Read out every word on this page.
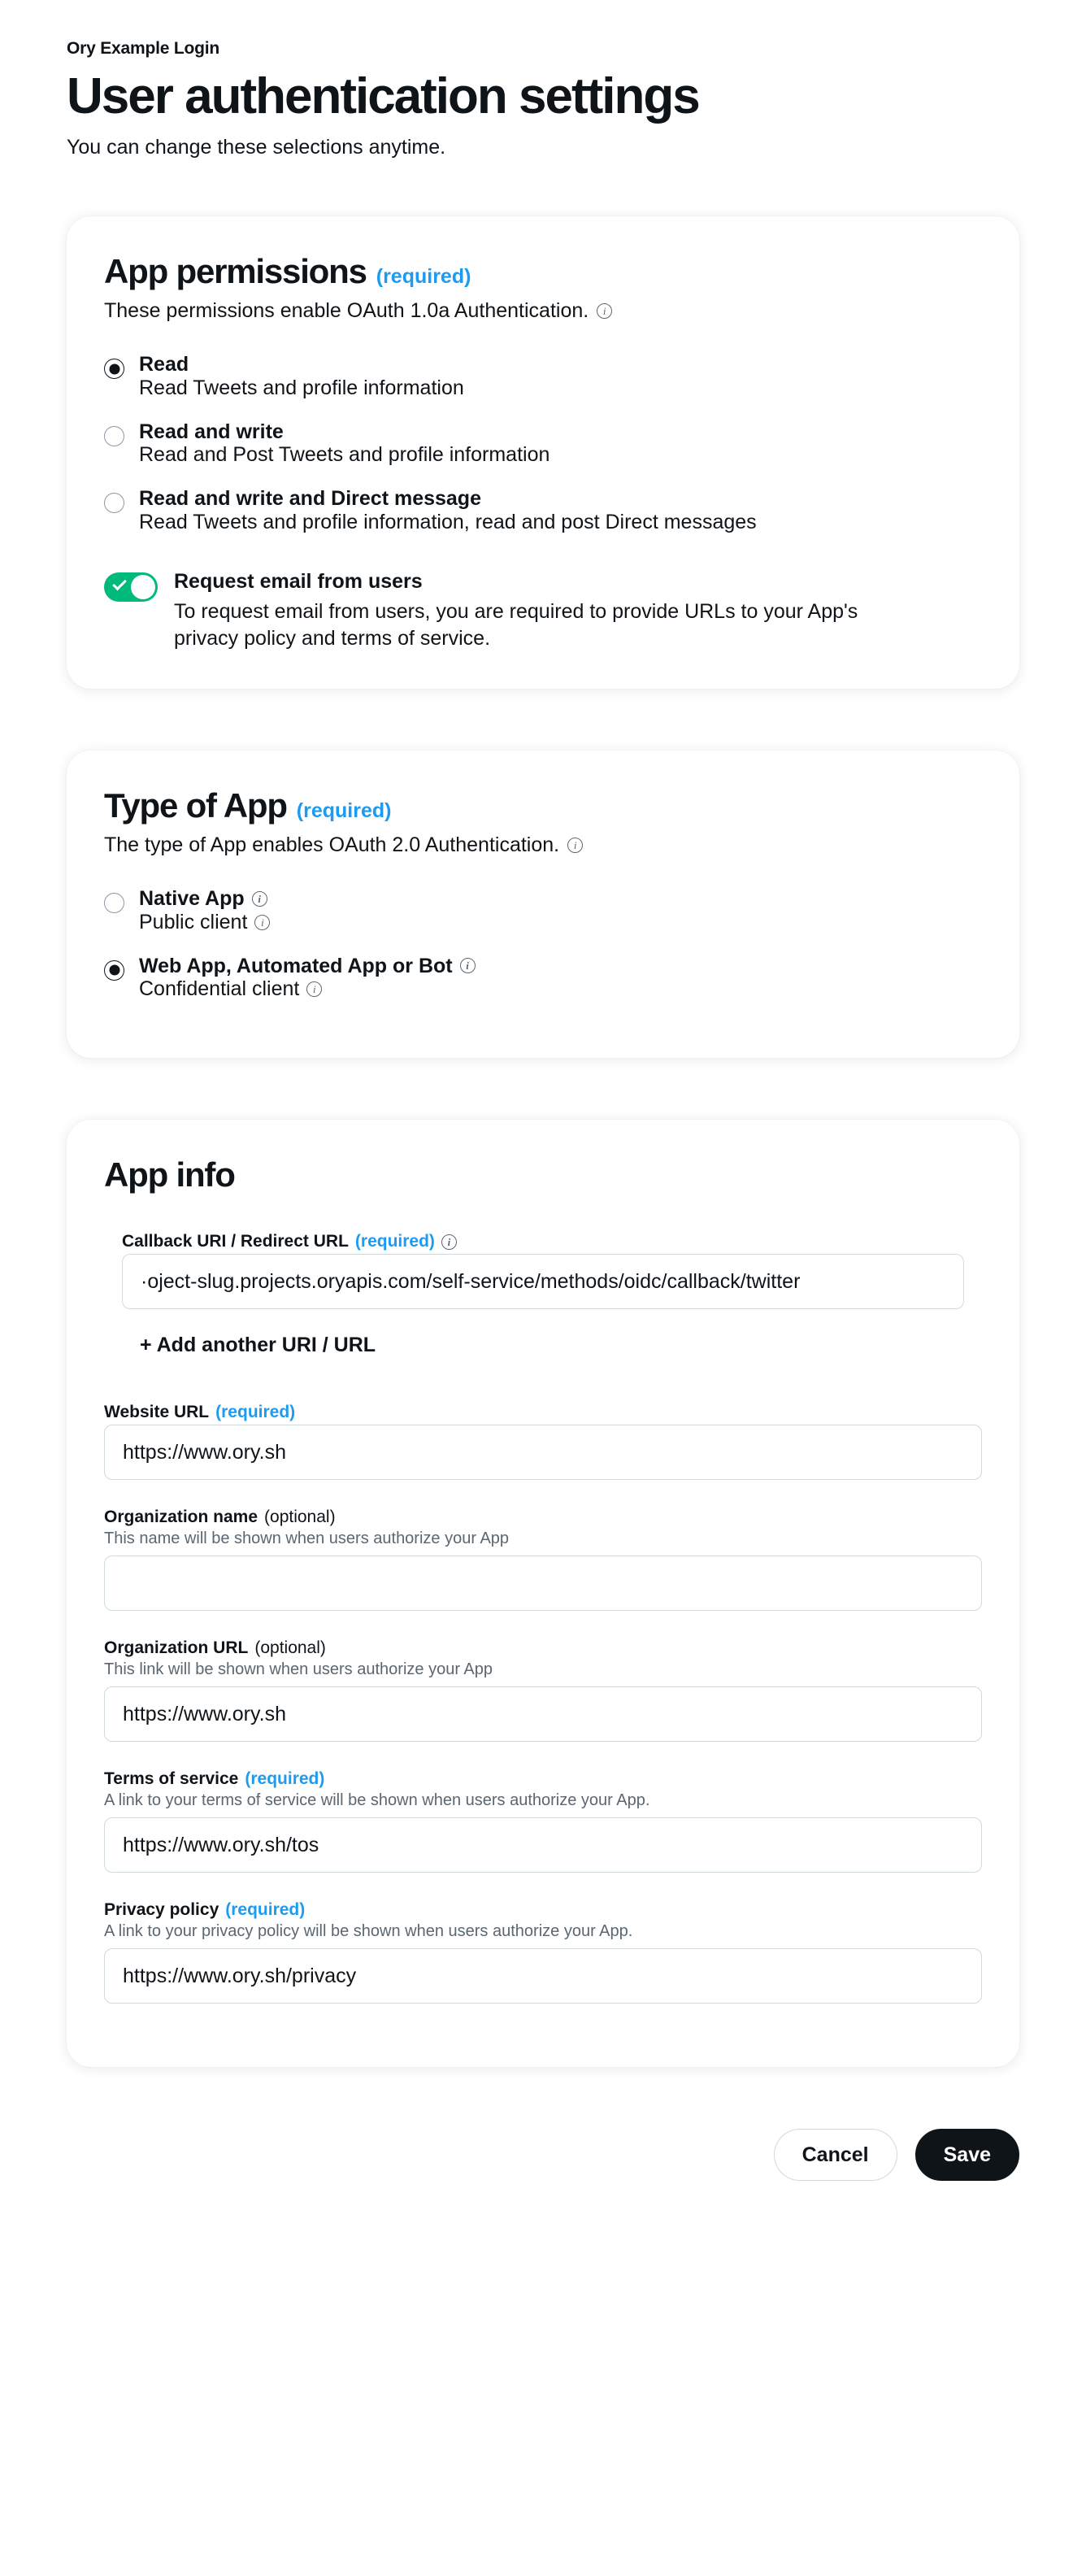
Ory Example Login
User authentication settings
You can change these selections anytime.
App permissions (required)
These permissions enable OAuth 1.0a Authentication.	i
Read
Read Tweets and profile information
Read and write
Read and Post Tweets and profile information
Read and write and Direct message
Read Tweets and profile information, read and post Direct messages
Request email from users
To request email from users, you are required to provide URLs to your App's privacy policy and terms of service.
Type of App (required)
The type of App enables OAuth 2.0 Authentication.	i
Native App	i
Public client	i
Web App, Automated App or Bot	i
Confidential client	i
App info
Callback URI / Redirect URL (required)	i
·oject-slug.projects.oryapis.com/self-service/methods/oidc/callback/twitter + Add another URI / URL
Website URL (required)
https://www.ory.sh
Organization name (optional)
This name will be shown when users authorize your App
Organization URL (optional)
This link will be shown when users authorize your App
https://www.ory.sh
Terms of service (required)
A link to your terms of service will be shown when users authorize your App.
https://www.ory.sh/tos
Privacy policy (required)
A link to your privacy policy will be shown when users authorize your App.
https://www.ory.sh/privacy
Cancel	Save
